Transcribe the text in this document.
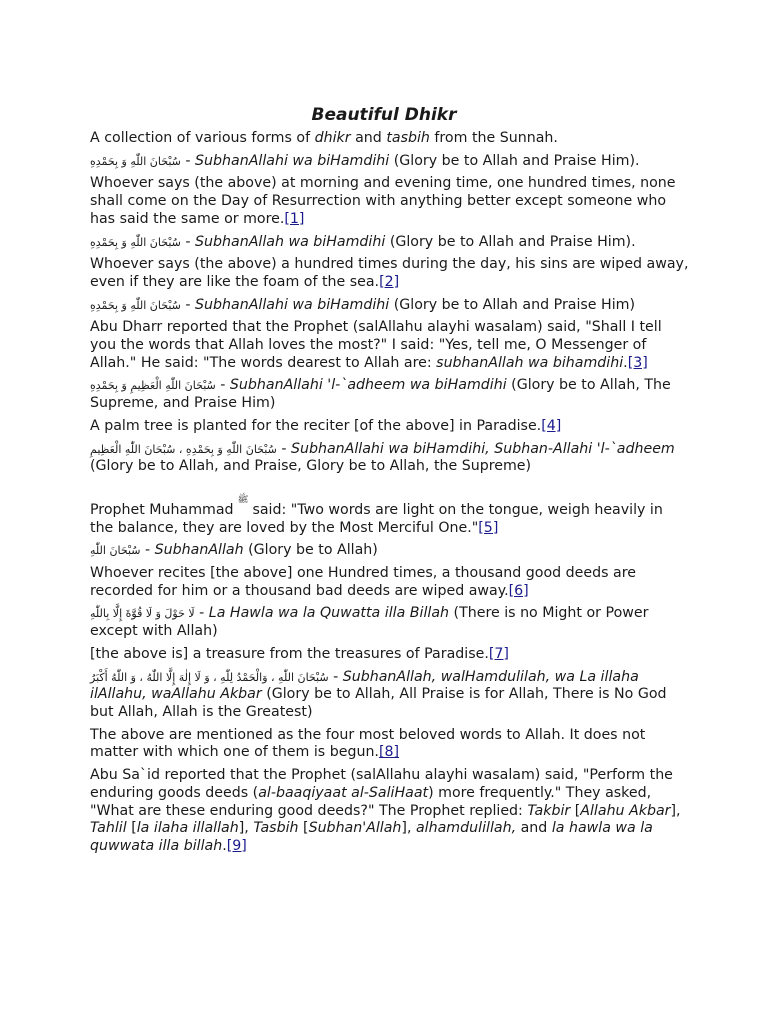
Beautiful Dhikr

A collection of various forms of dhikr and tasbih from the Sunnah.

سُبْحَانَ اللّٰهِ وَ بِحَمْدِهِ - SubhanAllahi wa biHamdihi (Glory be to Allah and Praise Him).

Whoever says (the above) at morning and evening time, one hundred times, none shall come on the Day of Resurrection with anything better except someone who has said the same or more.[1]

سُبْحَانَ اللّٰهِ وَ بِحَمْدِهِ - SubhanAllah wa biHamdihi (Glory be to Allah and Praise Him).

Whoever says (the above) a hundred times during the day, his sins are wiped away, even if they are like the foam of the sea.[2]

سُبْحَانَ اللّٰهِ وَ بِحَمْدِهِ - SubhanAllahi wa biHamdihi (Glory be to Allah and Praise Him)

Abu Dharr reported that the Prophet (salAllahu alayhi wasalam) said, "Shall I tell you the words that Allah loves the most?" I said: "Yes, tell me, O Messenger of Allah." He said: "The words dearest to Allah are: subhanAllah wa bihamdihi.[3]

سُبْحَانَ اللّٰهِ الْعَظِيمِ وَ بِحَمْدِهِ - SubhanAllahi 'l-`adheem wa biHamdihi (Glory be to Allah, The Supreme, and Praise Him)

A palm tree is planted for the reciter [of the above] in Paradise.[4]

سُبْحَانَ اللّٰهِ وَ بِحَمْدِهِ ، سُبْحَانَ اللّٰهِ الْعَظِيمِ - SubhanAllahi wa biHamdihi, Subhan-Allahi 'l-`adheem (Glory be to Allah, and Praise, Glory be to Allah, the Supreme)

Prophet Muhammadﷺsaid: "Two words are light on the tongue, weigh heavily in the balance, they are loved by the Most Merciful One."[5]

سُبْحَانَ اللّٰهِ - SubhanAllah (Glory be to Allah)

Whoever recites [the above] one Hundred times, a thousand good deeds are recorded for him or a thousand bad deeds are wiped away.[6]

لَا حَوْلَ وَ لَا قُوَّةَ إِلَّا بِاللّٰهِ - La Hawla wa la Quwatta illa Billah (There is no Might or Power except with Allah)

[the above is] a treasure from the treasures of Paradise.[7]

سُبْحَانَ اللّٰهِ ، وَالْحَمْدُ لِلّٰهِ ، وَ لَا إِلٰهَ إِلَّا اللّٰهُ ، وَ اللّٰهُ أَكْبَرُ - SubhanAllah, walHamdulilah, wa La illaha ilAllahu, waAllahu Akbar (Glory be to Allah, All Praise is for Allah, There is No God but Allah, Allah is the Greatest)

The above are mentioned as the four most beloved words to Allah. It does not matter with which one of them is begun.[8]

Abu Sa`id reported that the Prophet (salAllahu alayhi wasalam) said, "Perform the enduring goods deeds (al-baaqiyaat al-SaliHaat) more frequently." They asked, "What are these enduring good deeds?" The Prophet replied: Takbir [Allahu Akbar], Tahlil [la ilaha illallah], Tasbih [Subhan'Allah], alhamdulillah, and la hawla wa la quwwata illa billah.[9]
